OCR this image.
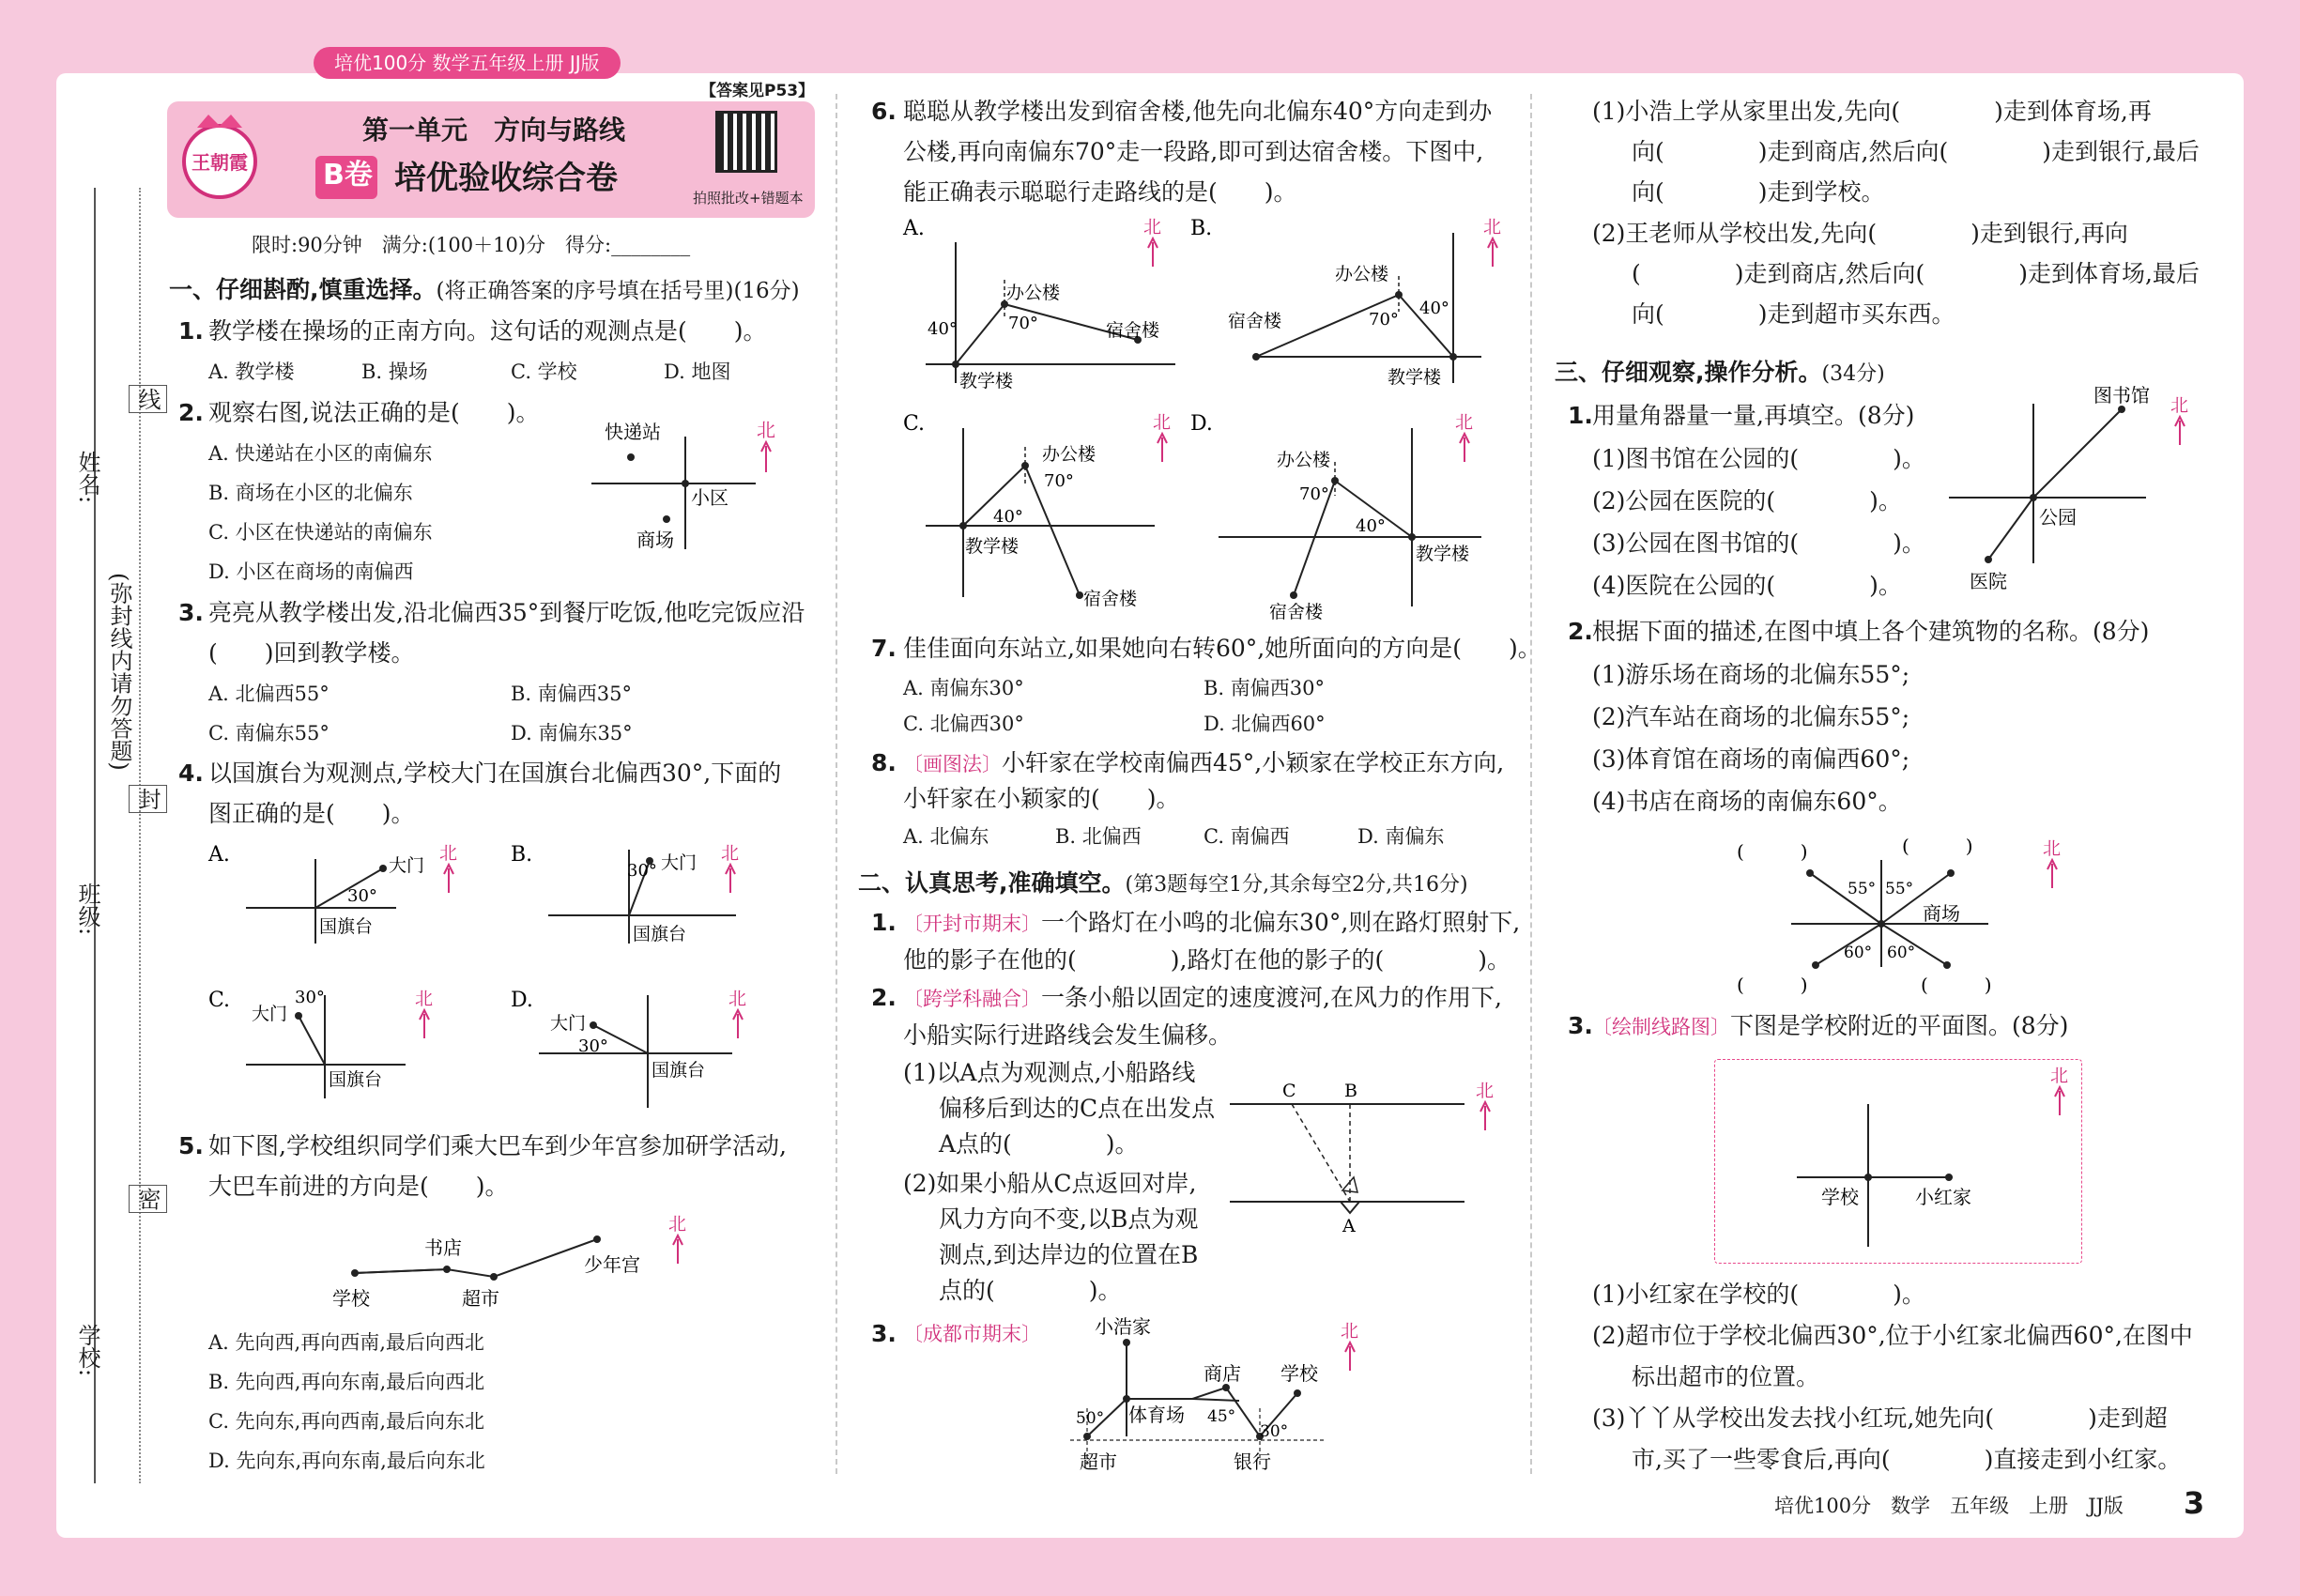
培优100分 数学五年级上册 JJ版
王朝霞
第一单元　方向与路线
B卷 培优验收综合卷
【答案见P53】
拍照批改+错题本
限时:90分钟　满分:(100＋10)分　得分:________
姓名:
班级:
学校:
线
封
密
(弥封线内请勿答题)
一、仔细斟酌,慎重选择。(将正确答案的序号填在括号里)(16分)
1. 教学楼在操场的正南方向。这句话的观测点是(　　)。
A. 教学楼	B. 操场	C. 学校	D. 地图
2. 观察右图,说法正确的是(　　)。
A. 快递站在小区的南偏东
B. 商场在小区的北偏东
C. 小区在快递站的南偏东
D. 小区在商场的南偏西
快递站
小区
商场
北
3. 亮亮从教学楼出发,沿北偏西35°到餐厅吃饭,他吃完饭应沿
(　　)回到教学楼。
A. 北偏西55°	B. 南偏西35°
C. 南偏东55°	D. 南偏东35°
4. 以国旗台为观测点,学校大门在国旗台北偏西30°,下面的
图正确的是(　　)。
A.	大门
30°
国旗台
北	B.	大门
30°
国旗台
北
C.
大门
30°
国旗台
北	D.
大门
30°
国旗台
北
5. 如下图,学校组织同学们乘大巴车到少年宫参加研学活动,
大巴车前进的方向是(　　)。
学校
书店
超市
少年宫
北
A. 先向西,再向西南,最后向西北
B. 先向西,再向东南,最后向西北
C. 先向东,再向西南,最后向东北
D. 先向东,再向东南,最后向东北
6. 聪聪从教学楼出发到宿舍楼,他先向北偏东40°方向走到办
公楼,再向南偏东70°走一段路,即可到达宿舍楼。下图中,
能正确表示聪聪行走路线的是(　　)。
A.
办公楼
教学楼
宿舍楼
40°	70°
北 B.
办公楼
教学楼
宿舍楼
40°
70°
北
C.
办公楼
教学楼
宿舍楼
40°
70°
北 D.
办公楼
教学楼
宿舍楼
40°
70°
北
7. 佳佳面向东站立,如果她向右转60°,她所面向的方向是(　　)。
A. 南偏东30°	B. 南偏西30°
C. 北偏西30°	D. 北偏西60°
8. 〔画图法〕小轩家在学校南偏西45°,小颖家在学校正东方向,
小轩家在小颖家的(　　)。
A. 北偏东	B. 北偏西	C. 南偏西	D. 南偏东
二、认真思考,准确填空。(第3题每空1分,其余每空2分,共16分)
1. 〔开封市期末〕一个路灯在小鸣的北偏东30°,则在路灯照射下,
他的影子在他的(　　　　),路灯在他的影子的(　　　　)。
2. 〔跨学科融合〕一条小船以固定的速度渡河,在风力的作用下,
小船实际行进路线会发生偏移。
(1)以A点为观测点,小船路线
偏移后到达的C点在出发点
A点的(　　　　)。
(2)如果小船从C点返回对岸,
风力方向不变,以B点为观
测点,到达岸边的位置在B
点的(　　　　)。
C	B
A
北
3. 〔成都市期末〕	小浩家
商店 学校
体育场
超市	银行
50°	45°
30°
北
(1)小浩上学从家里出发,先向(　　　　)走到体育场,再
向(　　　　)走到商店,然后向(　　　　)走到银行,最后
向(　　　　)走到学校。
(2)王老师从学校出发,先向(　　　　)走到银行,再向
(　　　　)走到商店,然后向(　　　　)走到体育场,最后
向(　　　　)走到超市买东西。
三、仔细观察,操作分析。(34分)
1. 用量角器量一量,再填空。(8分)
(1)图书馆在公园的(　　　　)。
(2)公园在医院的(　　　　)。
(3)公园在图书馆的(　　　　)。
(4)医院在公园的(　　　　)。
图书馆
公园
医院
北
2. 根据下面的描述,在图中填上各个建筑物的名称。(8分)
(1)游乐场在商场的北偏东55°;
(2)汽车站在商场的北偏东55°;
(3)体育馆在商场的南偏西60°;
(4)书店在商场的南偏东60°。
商场
55° 55°
60° 60°
(　　　)	(　　　)
(　　　)	(　　　)
北
3. 〔绘制线路图〕下图是学校附近的平面图。(8分)
学校	小红家
北
(1)小红家在学校的(　　　　)。
(2)超市位于学校北偏西30°,位于小红家北偏西60°,在图中
标出超市的位置。
(3)丫丫从学校出发去找小红玩,她先向(　　　　)走到超
市,买了一些零食后,再向(　　　　)直接走到小红家。
培优100分　数学　五年级　上册　JJ版 3
